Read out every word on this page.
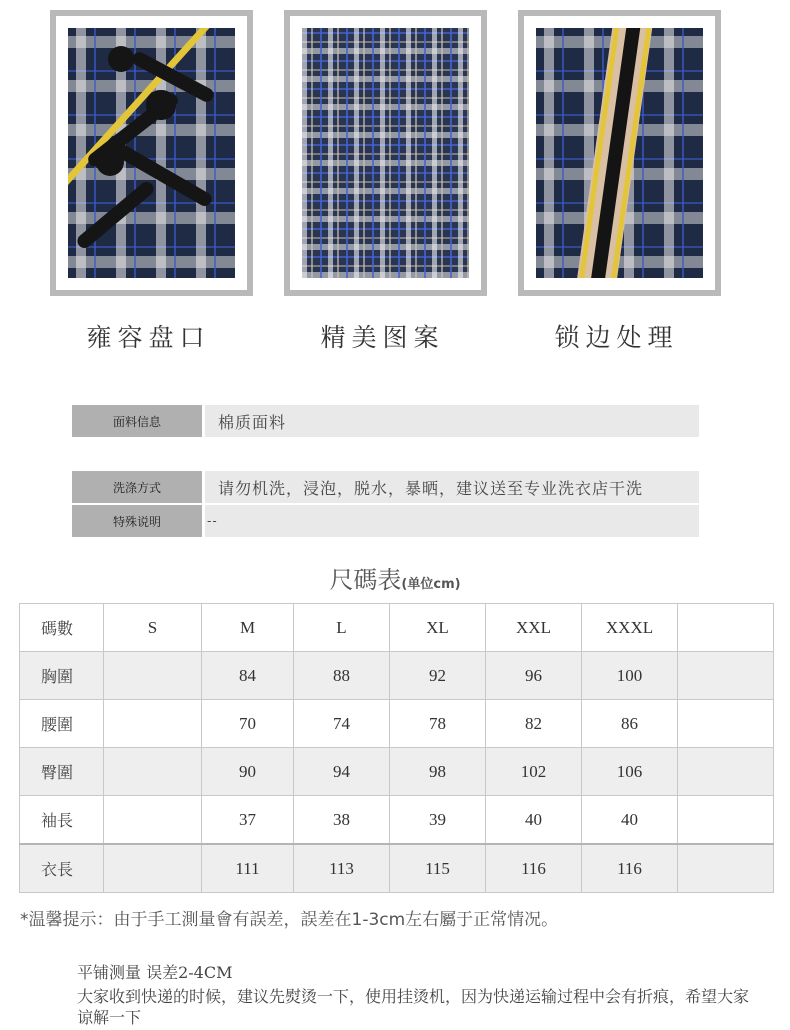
雍容盘口	精美图案	锁边处理
面料信息	棉质面料
洗涤方式	请勿机洗，浸泡，脱水，暴晒，建议送至专业洗衣店干洗
特殊说明	--
尺碼表(单位cm)
碼數	S	M	L	XL	XXL	XXXL	
胸圍		84	88	92	96	100	
腰圍		70	74	78	82	86	
臀圍		90	94	98	102	106	
袖長		37	38	39	40	40	
衣長		111	113	115	116	116	
*温馨提示：由于手工測量會有誤差，誤差在1-3cm左右屬于正常情况。
平铺测量 误差2-4CM
大家收到快递的时候，建议先熨烫一下，使用挂烫机，因为快递运输过程中会有折痕，希望大家谅解一下
